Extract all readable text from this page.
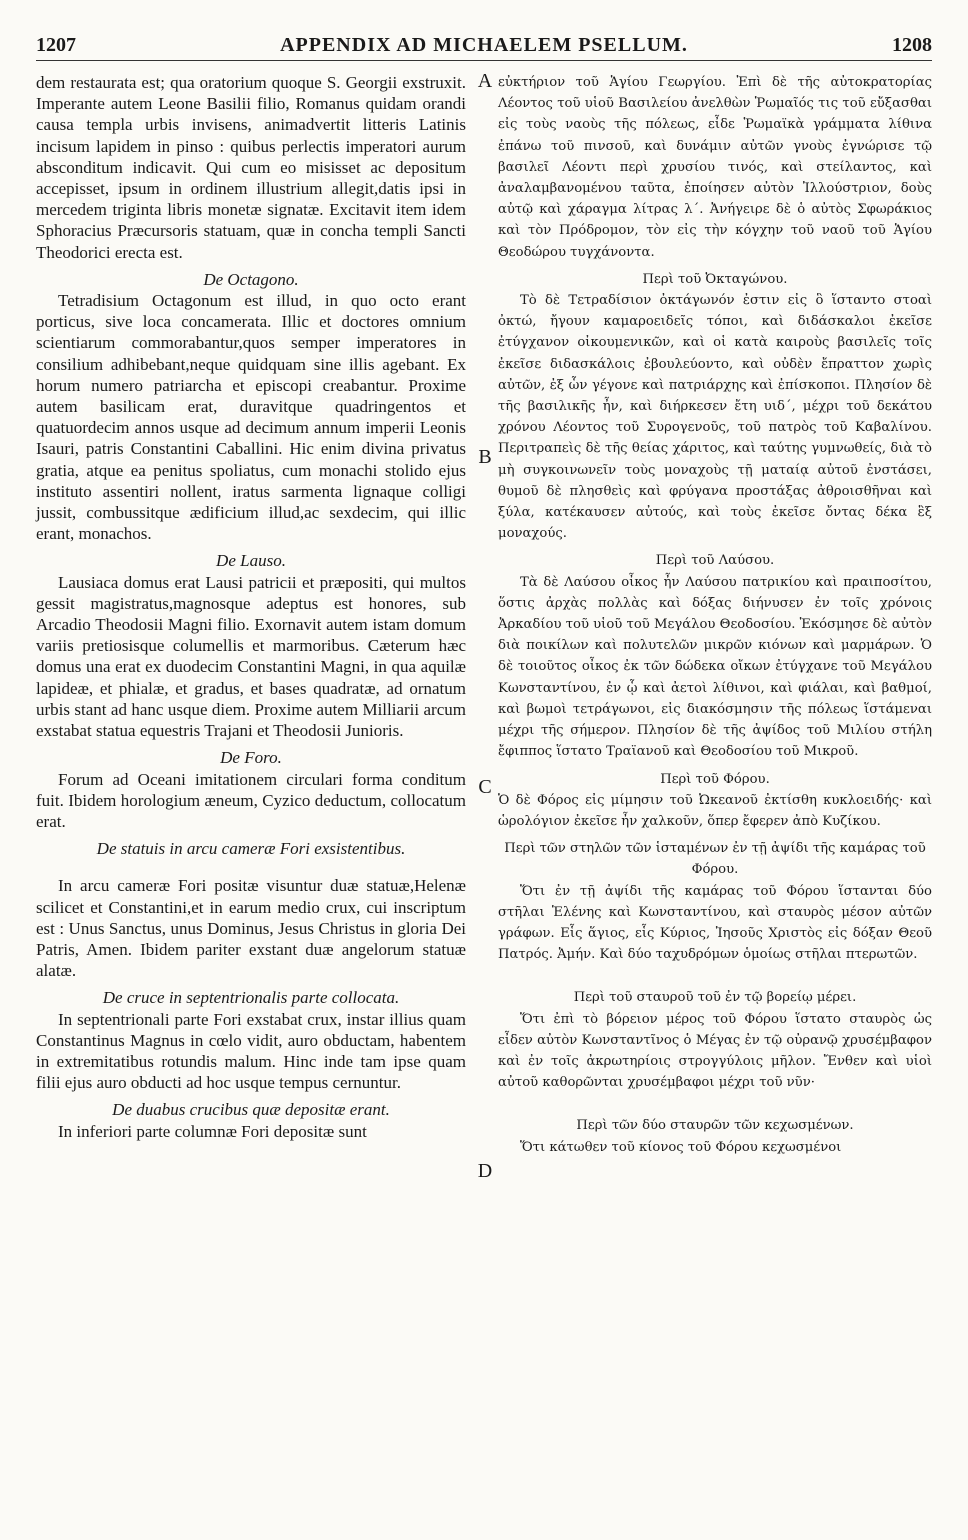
1207	APPENDIX AD MICHAELEM PSELLUM.	1208
A
B
C
D

dem restaurata est; qua oratorium quoque S. Georgii exstruxit. Imperante autem Leone Basilii filio, Romanus quidam orandi causa templa urbis invisens, animadvertit litteris Latinis incisum lapidem in pinso : quibus perlectis imperatori aurum absconditum indicavit. Qui cum eo misisset ac depositum accepisset, ipsum in ordinem illustrium allegit,datis ipsi in mercedem triginta libris monetæ signatæ. Excitavit item idem Sphoracius Præcursoris statuam, quæ in concha templi Sancti Theodorici erecta est.

De Octagono.

Tetradisium Octagonum est illud, in quo octo erant porticus, sive loca concamerata. Illic et doctores omnium scientiarum commorabantur,quos semper imperatores in consilium adhibebant,neque quidquam sine illis agebant. Ex horum numero patriarcha et episcopi creabantur. Proxime autem basilicam erat, duravitque quadringentos et quatuordecim annos usque ad decimum annum imperii Leonis Isauri, patris Constantini Caballini. Hic enim divina privatus gratia, atque ea penitus spoliatus, cum monachi stolido ejus instituto assentiri nollent, iratus sarmenta lignaque colligi jussit, combussitque ædificium illud,ac sexdecim, qui illic erant, monachos.

De Lauso.

Lausiaca domus erat Lausi patricii et præpositi, qui multos gessit magistratus,magnosque adeptus est honores, sub Arcadio Theodosii Magni filio. Exornavit autem istam domum variis pretiosisque columellis et marmoribus. Cæterum hæc domus una erat ex duodecim Constantini Magni, in qua aquilæ lapideæ, et phialæ, et gradus, et bases quadratæ, ad ornatum urbis stant ad hanc usque diem. Proxime autem Milliarii arcum exstabat statua equestris Trajani et Theodosii Junioris.

De Foro.

Forum ad Oceani imitationem circulari forma conditum fuit. Ibidem horologium æneum, Cyzico deductum, collocatum erat.

De statuis in arcu cameræ Fori exsistentibus.

In arcu cameræ Fori positæ visuntur duæ statuæ,Helenæ scilicet et Constantini,et in earum medio crux, cui inscriptum est : Unus Sanctus, unus Dominus, Jesus Christus in gloria Dei Patris, Amen. Ibidem pariter exstant duæ angelorum statuæ alatæ.

De cruce in septentrionalis parte collocata.

In septentrionali parte Fori exstabat crux, instar illius quam Constantinus Magnus in cœlo vidit, auro obductam, habentem in extremitatibus rotundis malum. Hinc inde tam ipse quam filii ejus auro obducti ad hoc usque tempus cernuntur.

De duabus crucibus quæ depositæ erant.

In inferiori parte columnæ Fori depositæ sunt

εὐκτήριον τοῦ Ἁγίου Γεωργίου. Ἐπὶ δὲ τῆς αὐτοκρατορίας Λέοντος τοῦ υἱοῦ Βασιλείου ἀνελθὼν Ῥωμαῖός τις τοῦ εὔξασθαι εἰς τοὺς ναοὺς τῆς πόλεως, εἶδε Ῥωμαϊκὰ γράμματα λίθινα ἐπάνω τοῦ πινσοῦ, καὶ δυνάμιν αὐτῶν γνοὺς ἐγνώρισε τῷ βασιλεῖ Λέοντι περὶ χρυσίου τινός, καὶ στείλαντος, καὶ ἀναλαμβανομένου ταῦτα, ἐποίησεν αὐτὸν Ἰλλούστριον, δοὺς αὐτῷ καὶ χάραγμα λίτρας λ΄. Ἀνήγειρε δὲ ὁ αὐτὸς Σφωράκιος καὶ τὸν Πρόδρομον, τὸν εἰς τὴν κόγχην τοῦ ναοῦ τοῦ Ἁγίου Θεοδώρου τυγχάνοντα.

Περὶ τοῦ Ὀκταγώνου.

Τὸ δὲ Τετραδίσιον ὀκτάγωνόν ἐστιν εἰς ὃ ἵσταντο στοαὶ ὀκτώ, ἤγουν καμαροειδεῖς τόποι, καὶ διδάσκαλοι ἐκεῖσε ἐτύγχανον οἰκουμενικῶν, καὶ οἱ κατὰ καιροὺς βασιλεῖς τοῖς ἐκεῖσε διδασκάλοις ἐβουλεύοντο, καὶ οὐδὲν ἔπραττον χωρὶς αὐτῶν, ἐξ ὧν γέγονε καὶ πατριάρχης καὶ ἐπίσκοποι. Πλησίον δὲ τῆς βασιλικῆς ἦν, καὶ διήρκεσεν ἔτη υιδ΄, μέχρι τοῦ δεκάτου χρόνου Λέοντος τοῦ Συρογενοῦς, τοῦ πατρὸς τοῦ Καβαλίνου. Περιτραπεὶς δὲ τῆς θείας χάριτος, καὶ ταύτης γυμνωθείς, διὰ τὸ μὴ συγκοινωνεῖν τοὺς μοναχοὺς τῇ ματαίᾳ αὐτοῦ ἐνστάσει, θυμοῦ δὲ πλησθεὶς καὶ φρύγανα προστάξας ἀθροισθῆναι καὶ ξύλα, κατέκαυσεν αὐτούς, καὶ τοὺς ἐκεῖσε ὄντας δέκα ἓξ μοναχούς.

Περὶ τοῦ Λαύσου.

Τὰ δὲ Λαύσου οἶκος ἦν Λαύσου πατρικίου καὶ πραιποσίτου, ὅστις ἀρχὰς πολλὰς καὶ δόξας διήνυσεν ἐν τοῖς χρόνοις Ἀρκαδίου τοῦ υἱοῦ τοῦ Μεγάλου Θεοδοσίου. Ἐκόσμησε δὲ αὐτὸν διὰ ποικίλων καὶ πολυτελῶν μικρῶν κιόνων καὶ μαρμάρων. Ὁ δὲ τοιοῦτος οἶκος ἐκ τῶν δώδεκα οἴκων ἐτύγχανε τοῦ Μεγάλου Κωνσταντίνου, ἐν ᾧ καὶ ἀετοὶ λίθινοι, καὶ φιάλαι, καὶ βαθμοί, καὶ βωμοὶ τετράγωνοι, εἰς διακόσμησιν τῆς πόλεως ἵστάμεναι μέχρι τῆς σήμερον. Πλησίον δὲ τῆς ἀψίδος τοῦ Μιλίου στήλη ἔφιππος ἵστατο Τραϊανοῦ καὶ Θεοδοσίου τοῦ Μικροῦ.

Περὶ τοῦ Φόρου.

Ὁ δὲ Φόρος εἰς μίμησιν τοῦ Ὠκεανοῦ ἐκτίσθη κυκλοειδής· καὶ ὡρολόγιον ἐκεῖσε ἦν χαλκοῦν, ὅπερ ἔφερεν ἀπὸ Κυζίκου.

Περὶ τῶν στηλῶν τῶν ἱσταμένων ἐν τῇ ἀψίδι τῆς καμάρας τοῦ Φόρου.

Ὅτι ἐν τῇ ἀψίδι τῆς καμάρας τοῦ Φόρου ἵστανται δύο στῆλαι Ἑλένης καὶ Κωνσταντίνου, καὶ σταυρὸς μέσον αὐτῶν γράφων. Εἷς ἅγιος, εἷς Κύριος, Ἰησοῦς Χριστὸς εἰς δόξαν Θεοῦ Πατρός. Ἀμήν. Καὶ δύο ταχυδρόμων ὁμοίως στῆλαι πτερωτῶν.

Περὶ τοῦ σταυροῦ τοῦ ἐν τῷ βορείῳ μέρει.

Ὅτι ἐπὶ τὸ βόρειον μέρος τοῦ Φόρου ἵστατο σταυρὸς ὡς εἶδεν αὐτὸν Κωνσταντῖνος ὁ Μέγας ἐν τῷ οὐρανῷ χρυσέμβαφον καὶ ἐν τοῖς ἀκρωτηρίοις στρογγύλοις μῆλον. Ἔνθεν καὶ υἱοὶ αὐτοῦ καθορῶνται χρυσέμβαφοι μέχρι τοῦ νῦν·

Περὶ τῶν δύο σταυρῶν τῶν κεχωσμένων.

Ὅτι κάτωθεν τοῦ κίονος τοῦ Φόρου κεχωσμένοι
